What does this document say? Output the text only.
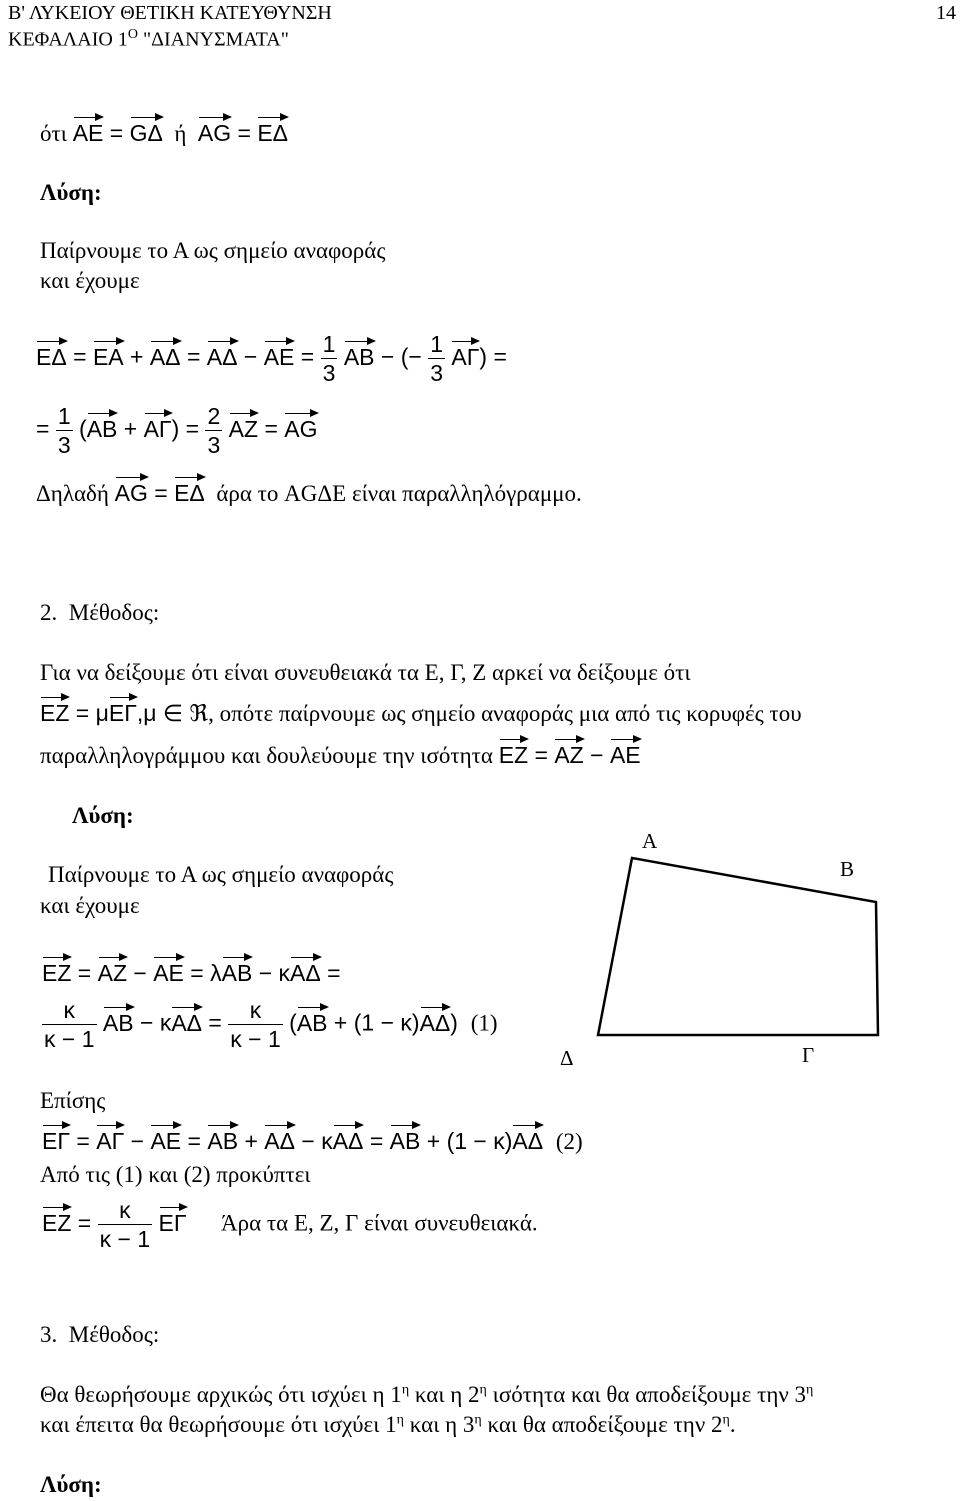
Β' ΛΥΚΕΙΟΥ ΘΕΤΙΚΗ ΚΑΤΕΥΘΥΝΣΗ
ΚΕΦΑΛΑΙΟ $1^O$ "ΔΙΑΝΥΣΜΑΤΑ"
14
ότι AE = GΔ ή AG = EΔ
Λύση:
Παίρνουμε το Α ως σημείο αναφοράς
και έχουμε
EΔ = EA + AΔ = AΔ − AE = $\frac{1}{3}$ AB − (− $\frac{1}{3} A\Gamma$) =
= $\frac{1}{3} (AB + A\Gamma) = \frac{2}{3}$ AZ = AG
Δηλαδή AG = EΔ άρα το AGΔE είναι παραλληλόγραμμο.
2. Μέθοδος:
Για να δείξουμε ότι είναι συνευθειακά τα Ε, Γ, Ζ αρκεί να δείξουμε ότι
EZ = μEΓ,μ ∈ ℜ, οπότε παίρνουμε ως σημείο αναφοράς μια από τις κορυφές του
παραλληλογράμμου και δουλεύουμε την ισότητα EZ = AZ − AE
Λύση:
Παίρνουμε το Α ως σημείο αναφοράς
και έχουμε
EZ = AZ − AE = λAB − κAΔ =
$\frac{\kappa}{\kappa - 1}$ AB − $\kappa A\Delta = \frac{\kappa}{\kappa - 1} (AB + (1 - \kappa)A\Delta)$  (1)
Επίσης
EΓ = AΓ − AE = AB + AΔ − κAΔ = AB + (1 − κ)AΔ (2)
Από τις (1) και (2) προκύπτει
EZ = $\frac{\kappa}{\kappa - 1}$ EΓ Άρα τα Ε, Ζ, Γ είναι συνευθειακά.
A
B
Δ	Γ
3. Μέθοδος:
Θα θεωρήσουμε αρχικώς ότι ισχύει η $1^\eta$ και η $2^\eta$ ισότητα και θα αποδείξουμε την $3^\eta$
και έπειτα θα θεωρήσουμε ότι ισχύει $1^\eta$ και η $3^\eta$ και θα αποδείξουμε την $2^\eta$.
Λύση:
